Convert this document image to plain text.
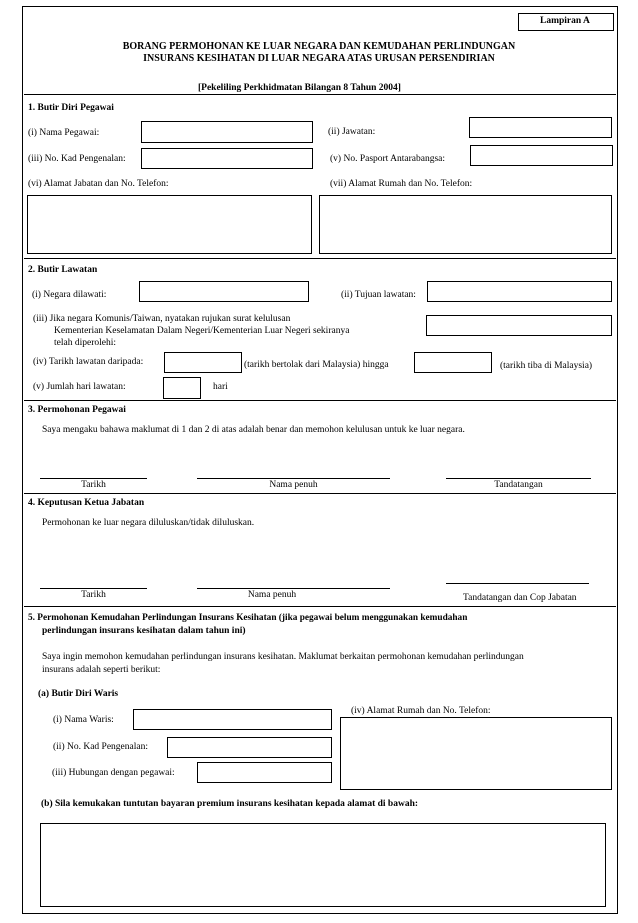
Lampiran A
BORANG PERMOHONAN KE LUAR NEGARA DAN KEMUDAHAN PERLINDUNGAN
INSURANS KESIHATAN DI LUAR NEGARA ATAS URUSAN PERSENDIRIAN
[Pekeliling Perkhidmatan Bilangan 8 Tahun 2004]
1. Butir Diri Pegawai
(i) Nama Pegawai:	(ii) Jawatan:
(iii) No. Kad Pengenalan:	(v) No. Pasport Antarabangsa:
(vi) Alamat Jabatan dan No. Telefon:	(vii) Alamat Rumah dan No. Telefon:
2. Butir Lawatan
(i) Negara dilawati:	(ii) Tujuan lawatan:
(iii) Jika negara Komunis/Taiwan, nyatakan rujukan surat kelulusan
Kementerian Keselamatan Dalam Negeri/Kementerian Luar Negeri sekiranya
telah diperolehi:
(iv) Tarikh lawatan daripada:	(tarikh bertolak dari Malaysia) hingga	(tarikh tiba di Malaysia)
(v) Jumlah hari lawatan:	hari
3. Permohonan Pegawai
Saya mengaku bahawa maklumat di 1 dan 2 di atas adalah benar dan memohon kelulusan untuk ke luar negara.
Tarikh	Nama penuh	Tandatangan
4. Keputusan Ketua Jabatan
Permohonan ke luar negara diluluskan/tidak diluluskan.
Tarikh	Nama penuh	Tandatangan dan Cop Jabatan
5. Permohonan Kemudahan Perlindungan Insurans Kesihatan (jika pegawai belum menggunakan kemudahan
perlindungan insurans kesihatan dalam tahun ini)
Saya ingin memohon kemudahan perlindungan insurans kesihatan. Maklumat berkaitan permohonan kemudahan perlindungan
insurans adalah seperti berikut:
(a) Butir Diri Waris
(i) Nama Waris:
(iv) Alamat Rumah dan No. Telefon:
(ii) No. Kad Pengenalan:
(iii) Hubungan dengan pegawai:
(b) Sila kemukakan tuntutan bayaran premium insurans kesihatan kepada alamat di bawah:
